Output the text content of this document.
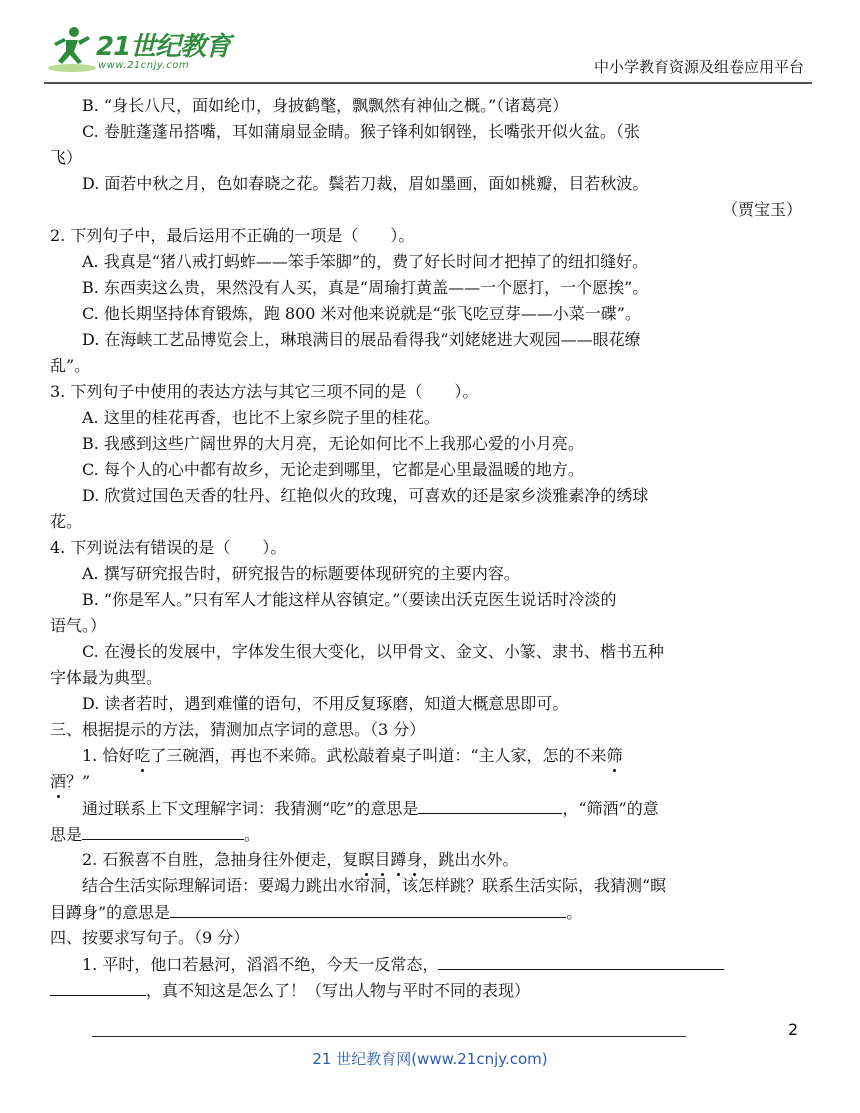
21世纪教育
www.21cnjy.com	中小学教育资源及组卷应用平台
B. “身长八尺，面如纶巾，身披鹤氅，飘飘然有神仙之概。”（诸葛亮）
C. 卷脏蓬蓬吊搭嘴，耳如蒲扇显金睛。猴子锋利如钢锉，长嘴张开似火盆。（张
飞）
D. 面若中秋之月，色如春晓之花。鬓若刀裁，眉如墨画，面如桃瓣，目若秋波。
（贾宝玉）
2. 下列句子中，最后运用不正确的一项是（　　）。
A. 我真是“猪八戒打蚂蚱——笨手笨脚”的，费了好长时间才把掉了的纽扣缝好。
B. 东西卖这么贵，果然没有人买，真是“周瑜打黄盖——一个愿打，一个愿挨”。
C. 他长期坚持体育锻炼，跑 800 米对他来说就是“张飞吃豆芽——小菜一碟”。
D. 在海峡工艺品博览会上，琳琅满目的展品看得我“刘姥姥进大观园——眼花缭
乱”。
3. 下列句子中使用的表达方法与其它三项不同的是（　　）。
A. 这里的桂花再香，也比不上家乡院子里的桂花。
B. 我感到这些广阔世界的大月亮，无论如何比不上我那心爱的小月亮。
C. 每个人的心中都有故乡，无论走到哪里，它都是心里最温暖的地方。
D. 欣赏过国色天香的牡丹、红艳似火的玫瑰，可喜欢的还是家乡淡雅素净的绣球
花。
4. 下列说法有错误的是（　　）。
A. 撰写研究报告时，研究报告的标题要体现研究的主要内容。
B. “你是军人。”只有军人才能这样从容镇定。”（要读出沃克医生说话时冷淡的
语气。）
C. 在漫长的发展中，字体发生很大变化，以甲骨文、金文、小篆、隶书、楷书五种
字体最为典型。
D. 读者若时，遇到难懂的语句，不用反复琢磨，知道大概意思即可。
三、根据提示的方法，猜测加点字词的意思。（3 分）
1. 恰好吃了三碗酒，再也不来筛。武松敲着桌子叫道：“主人家，怎的不来筛
酒？”
通过联系上下文理解字词：我猜测“吃”的意思是	，“筛酒”的意
思是	。
2. 石猴喜不自胜，急抽身往外便走，复瞑目蹲身，跳出水外。
结合生活实际理解词语：要竭力跳出水帘洞，该怎样跳？联系生活实际，我猜测“瞑
目蹲身”的意思是	。
四、按要求写句子。（9 分）
1. 平时，他口若悬河，滔滔不绝，今天一反常态，
，真不知这是怎么了！（写出人物与平时不同的表现）
2
21 世纪教育网(www.21cnjy.com)
